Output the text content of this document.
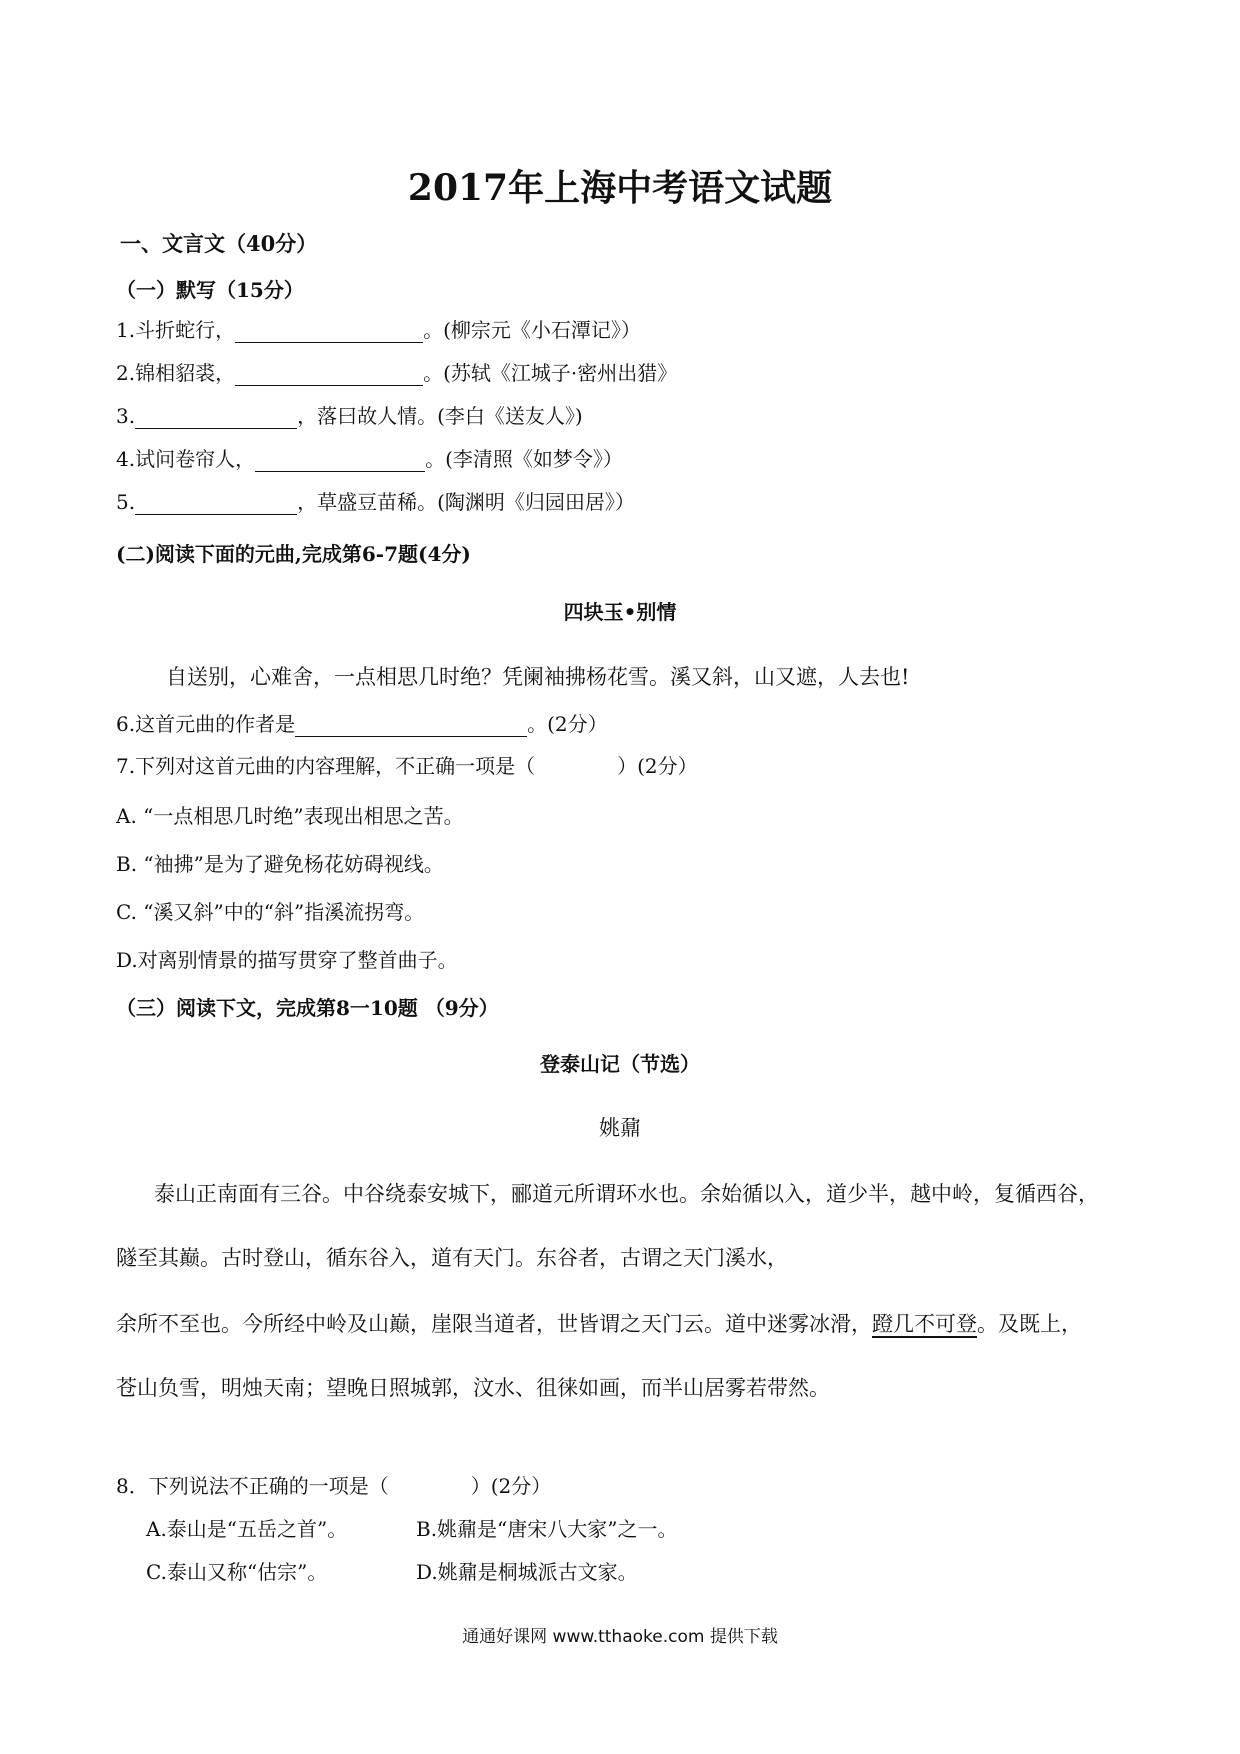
2017年上海中考语文试题
一、文言文（40分）
（一）默写（15分）
1.斗折蛇行，	。(柳宗元《小石潭记》）
2.锦相貂裘，	。(苏轼《江城子·密州出猎》
3.	，落曰故人情。(李白《送友人》)
4.试问卷帘人，	。(李清照《如梦令》）
5.	，草盛豆苗稀。(陶渊明《归园田居》）
(二)阅读下面的元曲,完成第6-7题(4分)
四块玉•别情
自送别，心难舍，一点相思几时绝？凭阑袖拂杨花雪。溪又斜，山又遮，人去也!
6.这首元曲的作者是	。(2分）
7.下列对这首元曲的内容理解，不正确一项是（	）(2分）
A. “一点相思几时绝”表现出相思之苦。
B. “袖拂”是为了避免杨花妨碍视线。
C. “溪又斜”中的“斜”指溪流拐弯。
D.对离别情景的描写贯穿了整首曲子。
（三）阅读下文，完成第8一10题 （9分）
登泰山记（节选）
姚鼐
泰山正南面有三谷。中谷绕泰安城下，郦道元所谓环水也。余始循以入，道少半，越中岭，复循西谷，
隧至其巅。古时登山，循东谷入，道有天门。东谷者，古谓之天门溪水，
余所不至也。今所经中岭及山巅，崖限当道者，世皆谓之天门云。道中迷雾冰滑，蹬几不可登。及既上，
苍山负雪，明烛天南；望晚日照城郭，汶水、徂徕如画，而半山居雾若带然。
8．下列说法不正确的一项是（	）(2分）
A.泰山是“五岳之首”。	B.姚鼐是“唐宋八大家”之一。
C.泰山又称“估宗”。	D.姚鼐是桐城派古文家。
通通好课网 www.tthaoke.com 提供下载
